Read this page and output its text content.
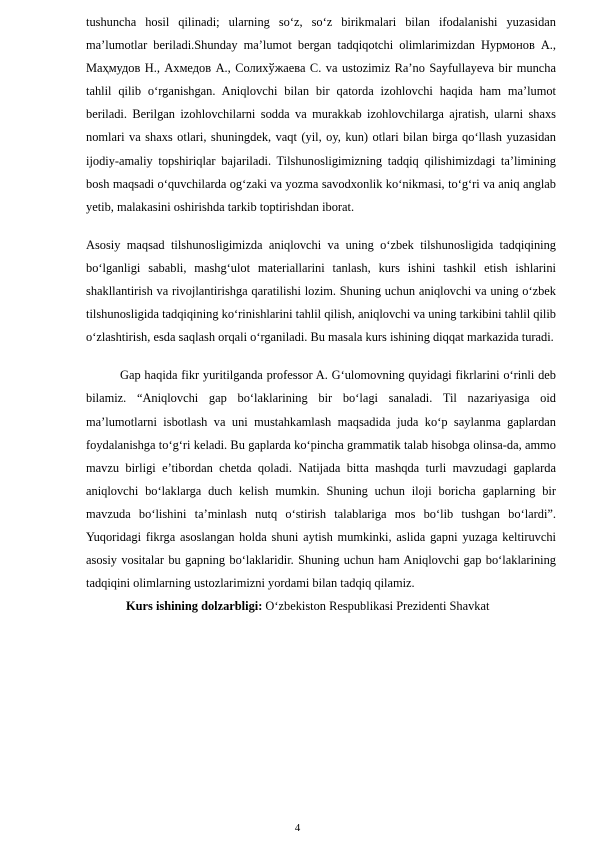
tushuncha hosil qilinadi; ularning soʻz, soʻz birikmalari bilan ifodalanishi yuzasidan ma’lumotlar beriladi.Shunday ma’lumot bergan tadqiqotchi olimlarimizdan Нурмонов А., Маҳмудов Н., Ахмедов А., Солихўжаева С. va ustozimiz Ra’no Sayfullayeva bir muncha tahlil qilib oʻrganishgan. Aniqlovchi bilan bir qatorda izohlovchi haqida ham ma’lumot beriladi. Berilgan izohlovchilarni sodda va murakkab izohlovchilarga ajratish, ularni shaxs nomlari va shaxs otlari, shuningdek, vaqt (yil, oy, kun) otlari bilan birga qoʻllash yuzasidan ijodiy-amaliy topshiriqlar bajariladi. Tilshunosligimizning tadqiq qilishimizdagi ta’limining bosh maqsadi oʻquvchilarda ogʻzaki va yozma savodxonlik koʻnikmasi, toʻgʻri va aniq anglab yetib, malakasini oshirishda tarkib toptirishdan iborat.

Asosiy maqsad tilshunosligimizda aniqlovchi va uning oʻzbek tilshunosligida tadqiqining boʻlganligi sababli, mashgʻulot materiallarini tanlash, kurs ishini tashkil etish ishlarini shakllantirish va rivojlantirishga qaratilishi lozim. Shuning uchun aniqlovchi va uning oʻzbek tilshunosligida tadqiqining koʻrinishlarini tahlil qilish, aniqlovchi va uning tarkibini tahlil qilib oʻzlashtirish, esda saqlash orqali oʻrganiladi. Bu masala kurs ishining diqqat markazida turadi.

Gap haqida fikr yuritilganda professor A. Gʻulomovning quyidagi fikrlarini oʻrinli deb bilamiz. “Aniqlovchi gap boʻlaklarining bir boʻlagi sanaladi. Til nazariyasiga oid ma’lumotlarni isbotlash va uni mustahkamlash maqsadida juda koʻp saylanma gaplardan foydalanishga toʻgʻri keladi. Bu gaplarda koʻpincha grammatik talab hisobga olinsa-da, ammo mavzu birligi e’tibordan chetda qoladi. Natijada bitta mashqda turli mavzudagi gaplarda aniqlovchi boʻlaklarga duch kelish mumkin. Shuning uchun iloji boricha gaplarning bir mavzuda boʻlishini ta’minlash nutq oʻstirish talablariga mos boʻlib tushgan boʻlardi”. Yuqoridagi fikrga asoslangan holda shuni aytish mumkinki, aslida gapni yuzaga keltiruvchi asosiy vositalar bu gapning boʻlaklaridir. Shuning uchun ham Aniqlovchi gap boʻlaklarining tadqiqini olimlarning ustozlarimizni yordami bilan tadqiq qilamiz.

Kurs ishining dolzarbligi: Oʻzbekiston Respublikasi Prezidenti Shavkat

4
